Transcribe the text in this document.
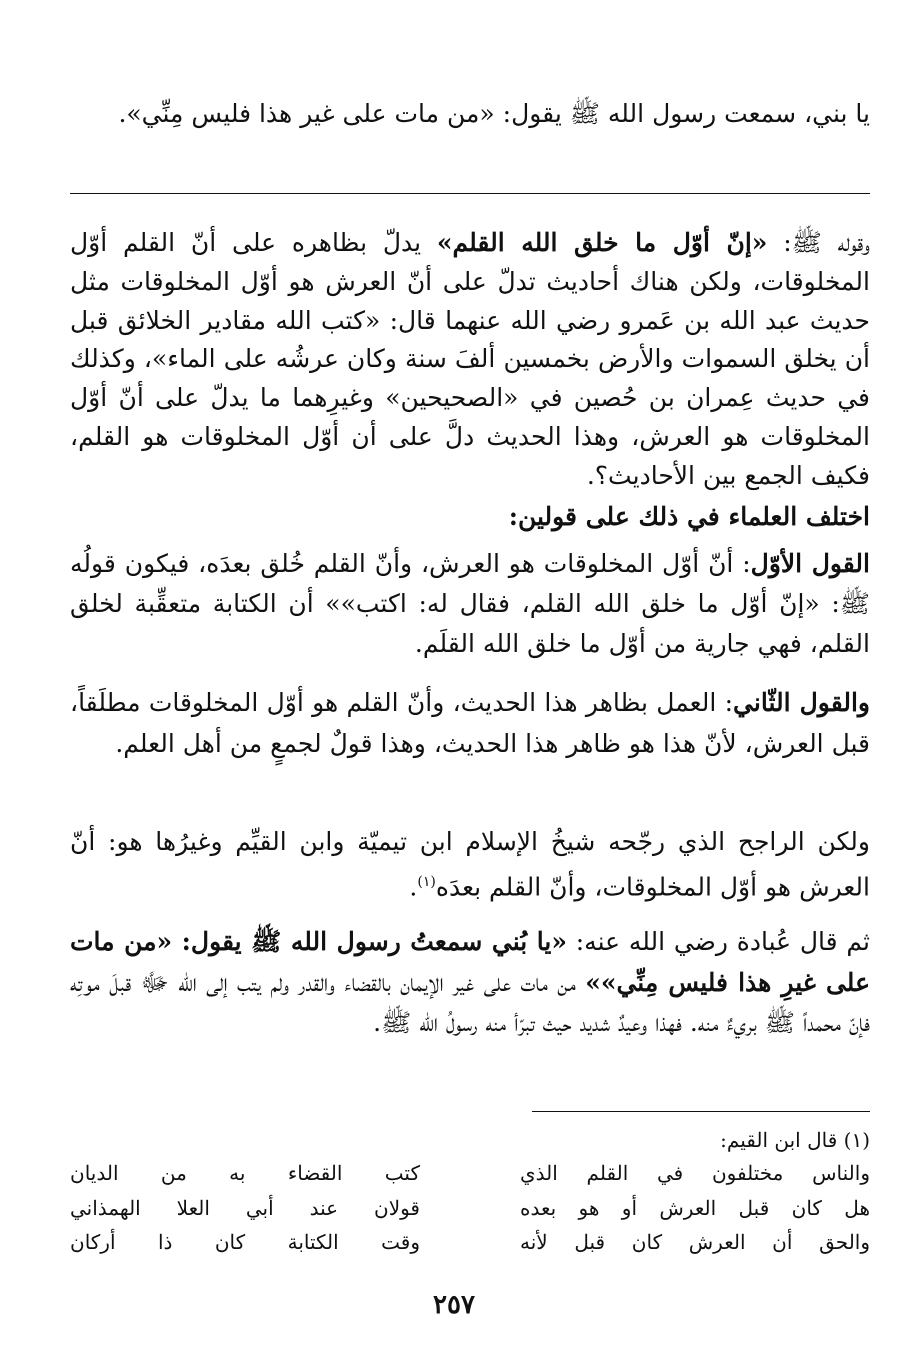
يا بني، سمعت رسول الله ﷺ يقول: «من مات على غير هذا فليس مِنِّي».

وقوله ﷺ: «إنّ أوّل ما خلق الله القلم» يدلّ بظاهره على أنّ القلم أوّل المخلوقات، ولكن هناك أحاديث تدلّ على أنّ العرش هو أوّل المخلوقات مثل حديث عبد الله بن عَمرو رضي الله عنهما قال: «كتب الله مقادير الخلائق قبل أن يخلق السموات والأرض بخمسين ألفَ سنة وكان عرشُه على الماء»، وكذلك في حديث عِمران بن حُصين في «الصحيحين» وغيرِهما ما يدلّ على أنّ أوّل المخلوقات هو العرش، وهذا الحديث دلَّ على أن أوّل المخلوقات هو القلم، فكيف الجمع بين الأحاديث؟.

اختلف العلماء في ذلك على قولين:

القول الأوّل: أنّ أوّل المخلوقات هو العرش، وأنّ القلم خُلق بعدَه، فيكون قولُه ﷺ: «إنّ أوّل ما خلق الله القلم، فقال له: اكتب»» أن الكتابة متعقِّبة لخلق القلم، فهي جارية من أوّل ما خلق الله القلَم.

والقول الثّاني: العمل بظاهر هذا الحديث، وأنّ القلم هو أوّل المخلوقات مطلَقاً، قبل العرش، لأنّ هذا هو ظاهر هذا الحديث، وهذا قولٌ لجمعٍ من أهل العلم.

ولكن الراجح الذي رجّحه شيخُ الإسلام ابن تيميّة وابن القيِّم وغيرُها هو: أنّ العرش هو أوّل المخلوقات، وأنّ القلم بعدَه$^{(١)}$.

ثم قال عُبادة رضي الله عنه: «يا بُني سمعتُ رسول الله ﷺ يقول: «من مات على غيرِ هذا فليس مِنِّي»» من مات على غير الإيمان بالقضاء والقدر ولم يتب إلى الله ﷻ قبلَ موتِه فإنّ محمداً ﷺ بريءٌ منه. فهذا وعيدٌ شديد حيث تبرّأ منه رسولُ الله ﷺ.

(١) قال ابن القيم:

والناس مختلفون في القلم الذي
كتب القضاء به من الديان
هل كان قبل العرش أو هو بعده
قولان عند أبي العلا الهمذاني
والحق أن العرش كان قبل لأنه
وقت الكتابة كان ذا أركان
٢٥٧
